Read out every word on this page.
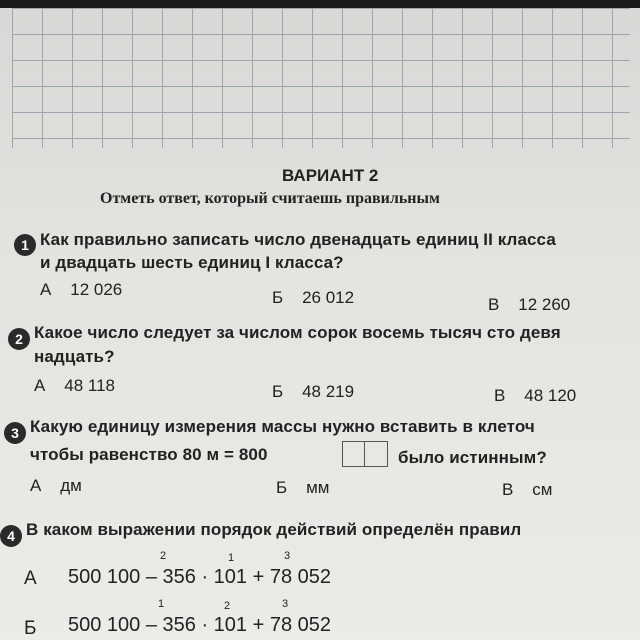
ВАРИАНТ 2
Отметь ответ, который считаешь правильным
1 Как правильно записать число двенадцать единиц II класса
и двадцать шесть единиц I класса?
А 12 026	Б 26 012	В 12 260
2 Какое число следует за числом сорок восемь тысяч сто девя
надцать?
А 48 118	Б 48 219	В 48 120
3 Какую единицу измерения массы нужно вставить в клеточ
чтобы равенство 80 м = 800	было истинным?
А дм	Б мм	В см
4 В каком выражении порядок действий определён правил
А
2	1	3
500 100 – 356 · 101 + 78 052
Б
1	2	3
500 100 – 356 · 101 + 78 052
